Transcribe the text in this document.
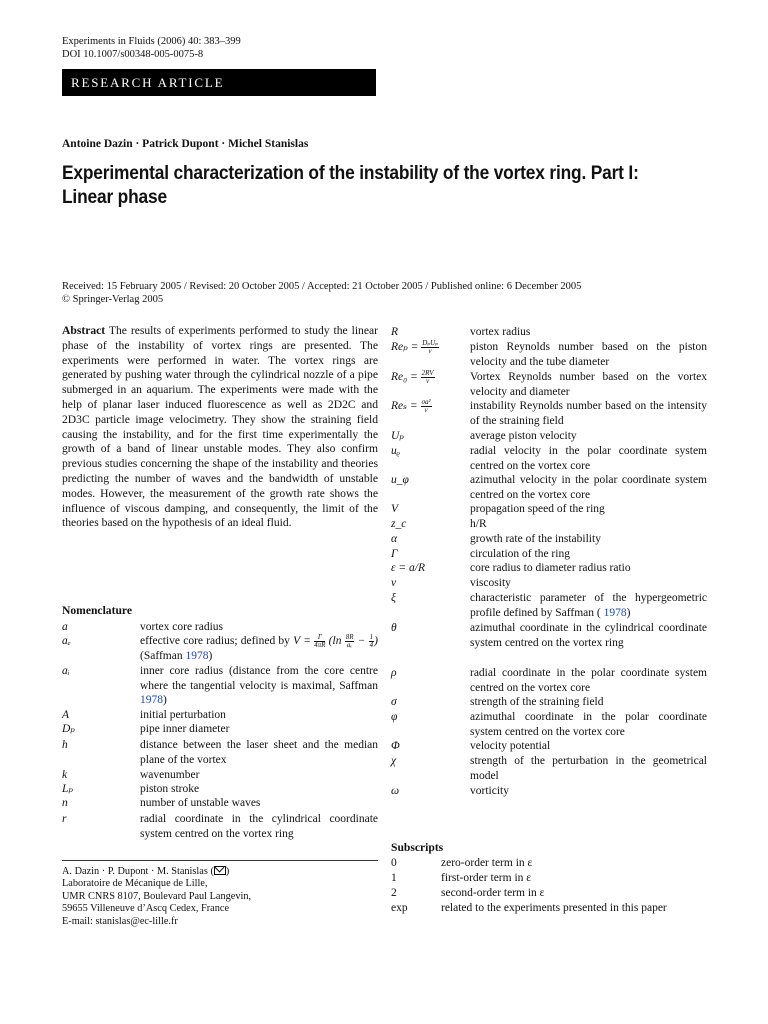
Experiments in Fluids (2006) 40: 383–399
DOI 10.1007/s00348-005-0075-8
RESEARCH ARTICLE
Antoine Dazin · Patrick Dupont · Michel Stanislas
Experimental characterization of the instability of the vortex ring. Part I:
Linear phase
Received: 15 February 2005 / Revised: 20 October 2005 / Accepted: 21 October 2005 / Published online: 6 December 2005
© Springer-Verlag 2005

Abstract The results of experiments performed to study the linear phase of the instability of vortex rings are presented. The experiments were performed in water. The vortex rings are generated by pushing water through the cylindrical nozzle of a pipe submerged in an aquarium. The experiments were made with the help of planar laser induced fluorescence as well as 2D2C and 2D3C particle image velocimetry. They show the straining field causing the instability, and for the first time experimentally the growth of a band of linear unstable modes. They also confirm previous studies concerning the shape of the instability and theories predicting the number of waves and the bandwidth of unstable modes. However, the measurement of the growth rate shows the influence of viscous damping, and consequently, the limit of the theories based on the hypothesis of an ideal fluid.

Nomenclature
a	vortex core radius
aₑ	effective core radius; defined by $V = \frac{\Gamma}{4\pi R} (\ln \frac{8R}{\text{aₑ}} - \frac{1}{4}$ ) (Saffman 1978)
aᵢ	inner core radius (distance from the core centre where the tangential velocity is maximal, Saffman 1978)
A	initial perturbation
Dₚ	pipe inner diameter
h	distance between the laser sheet and the median plane of the vortex
k	wavenumber
Lₚ	piston stroke
n	number of unstable waves
r	radial coordinate in the cylindrical coordinate system centred on the vortex ring
R	vortex radius
$Re_p = \frac{\text{DₚUₚ}}{\nu}$	piston Reynolds number based on the piston velocity and the tube diameter
$Re_0 = \frac{2RV}{\nu}$	Vortex Reynolds number based on the vortex velocity and diameter
$Re_s = \frac{\text{σa²}}{\nu}$	instability Reynolds number based on the intensity of the straining field
Uₚ	average piston velocity
uᵨ	radial velocity in the polar coordinate system centred on the vortex core
u_φ	azimuthal velocity in the polar coordinate system centred on the vortex core
V	propagation speed of the ring
z_c	h/R
α	growth rate of the instability
Γ	circulation of the ring
ε = a/R	core radius to diameter radius ratio
ν	viscosity
ξ	characteristic parameter of the hypergeometric profile defined by Saffman ( 1978)
θ	azimuthal coordinate in the cylindrical coordinate system centred on the vortex ring
ρ	radial coordinate in the polar coordinate system centred on the vortex core
σ	strength of the straining field
φ	azimuthal coordinate in the polar coordinate system centred on the vortex core
Φ	velocity potential
χ	strength of the perturbation in the geometrical model
ω	vorticity
Subscripts
0	zero-order term in ε
1	first-order term in ε
2	second-order term in ε
exp	related to the experiments presented in this paper
A. Dazin · P. Dupont · M. Stanislas ( )
Laboratoire de Mécanique de Lille,
UMR CNRS 8107, Boulevard Paul Langevin,
59655 Villeneuve d’Ascq Cedex, France
E-mail: stanislas@ec-lille.fr
